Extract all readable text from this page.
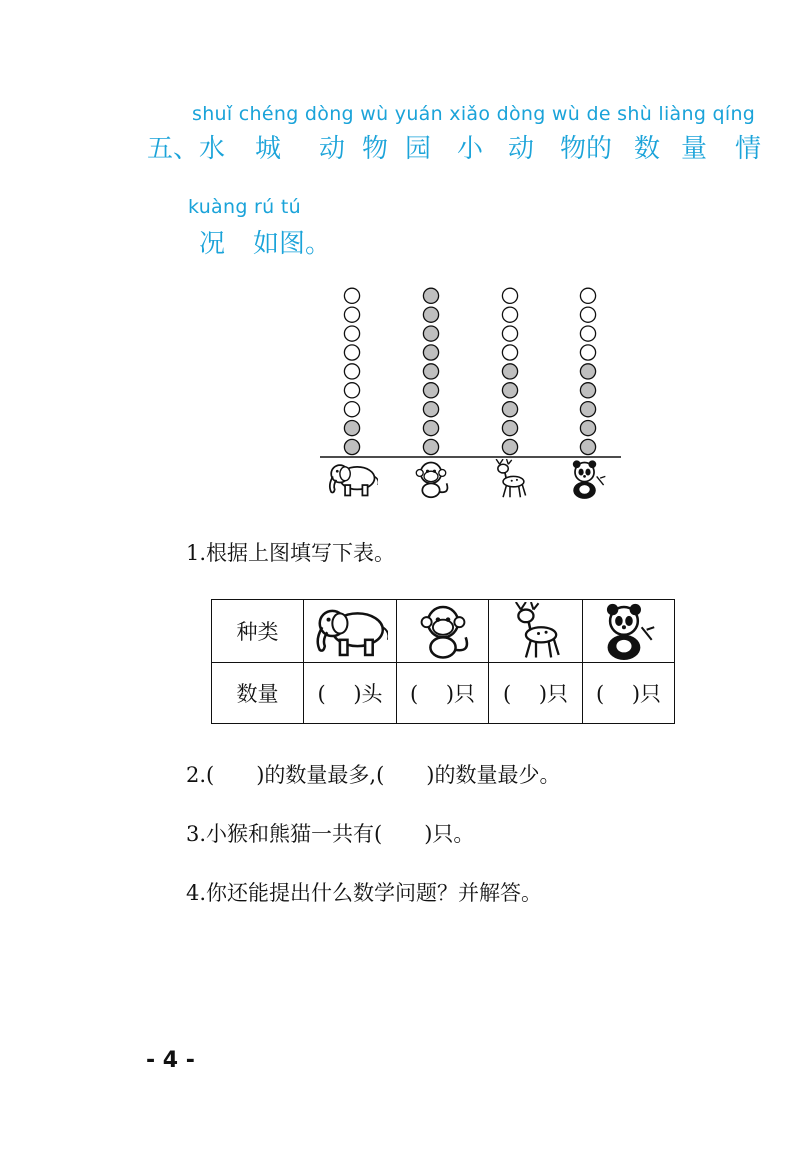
shuǐ chéng dòng wù yuán xiǎo dòng wù de shù liàng qíng
五、水 城 动 物 园 小 动 物的 数 量 情
kuàng rú tú
况 如图。
1.根据上图填写下表。
种类				
数量	(　 )头	(　 )只	(　 )只	(　 )只
2.(　　)的数量最多,(　　)的数量最少。
3.小猴和熊猫一共有(　　)只。
4.你还能提出什么数学问题？并解答。
- 4 -
